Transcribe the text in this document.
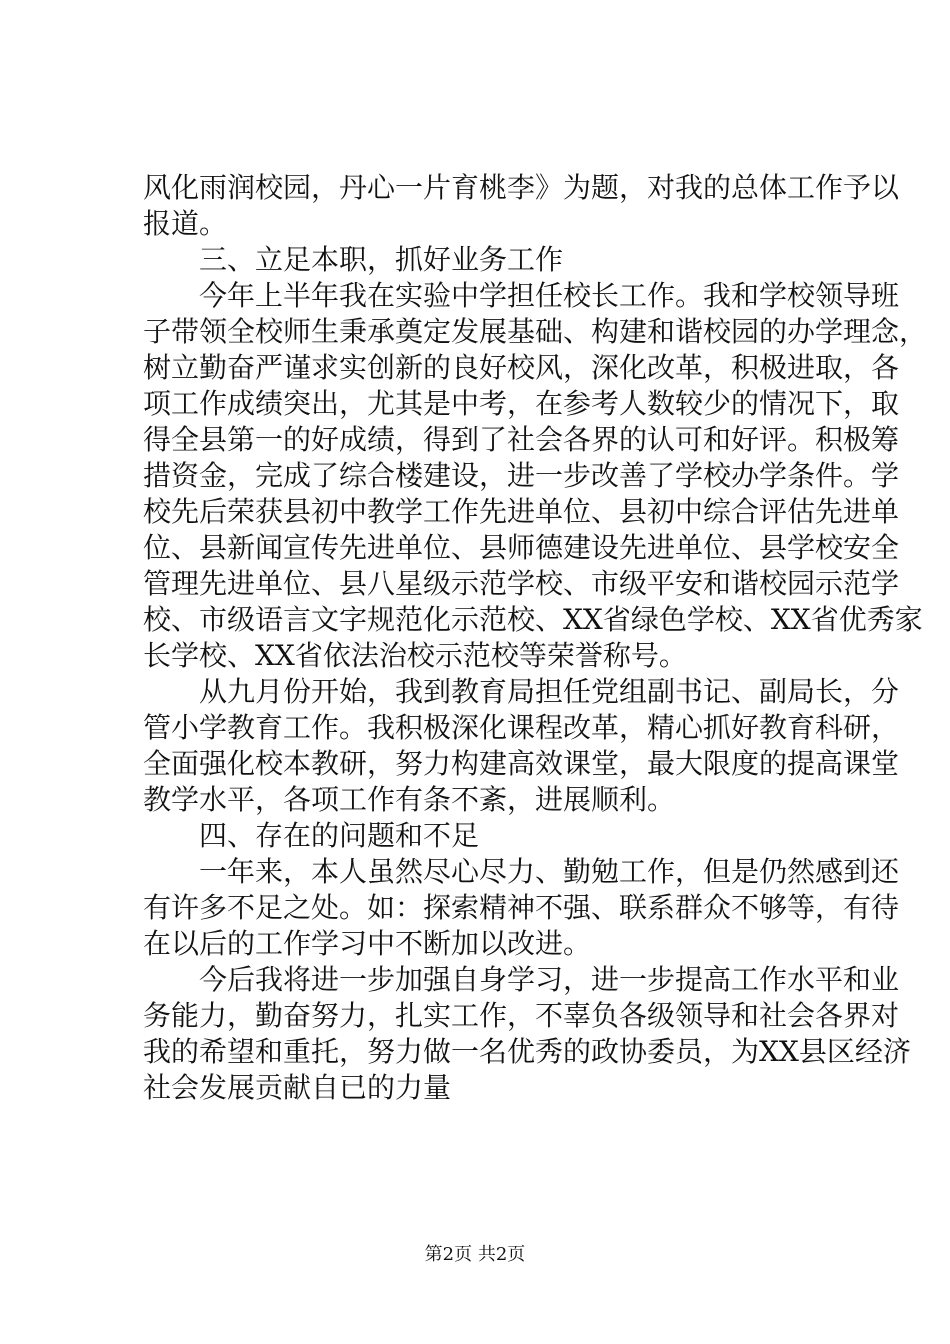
风化雨润校园，丹心一片育桃李》为题，对我的总体工作予以
报道。
三、立足本职，抓好业务工作
今年上半年我在实验中学担任校长工作。我和学校领导班
子带领全校师生秉承奠定发展基础、构建和谐校园的办学理念，
树立勤奋严谨求实创新的良好校风，深化改革，积极进取，各
项工作成绩突出，尤其是中考，在参考人数较少的情况下，取
得全县第一的好成绩，得到了社会各界的认可和好评。积极筹
措资金，完成了综合楼建设，进一步改善了学校办学条件。学
校先后荣获县初中教学工作先进单位、县初中综合评估先进单
位、县新闻宣传先进单位、县师德建设先进单位、县学校安全
管理先进单位、县八星级示范学校、市级平安和谐校园示范学
校、市级语言文字规范化示范校、XX省绿色学校、XX省优秀家
长学校、XX省依法治校示范校等荣誉称号。
从九月份开始，我到教育局担任党组副书记、副局长，分
管小学教育工作。我积极深化课程改革，精心抓好教育科研，
全面强化校本教研，努力构建高效课堂，最大限度的提高课堂
教学水平，各项工作有条不紊，进展顺利。
四、存在的问题和不足
一年来，本人虽然尽心尽力、勤勉工作，但是仍然感到还
有许多不足之处。如：探索精神不强、联系群众不够等，有待
在以后的工作学习中不断加以改进。
今后我将进一步加强自身学习，进一步提高工作水平和业
务能力，勤奋努力，扎实工作，不辜负各级领导和社会各界对
我的希望和重托，努力做一名优秀的政协委员，为XX县区经济
社会发展贡献自已的力量
第2页 共2页
